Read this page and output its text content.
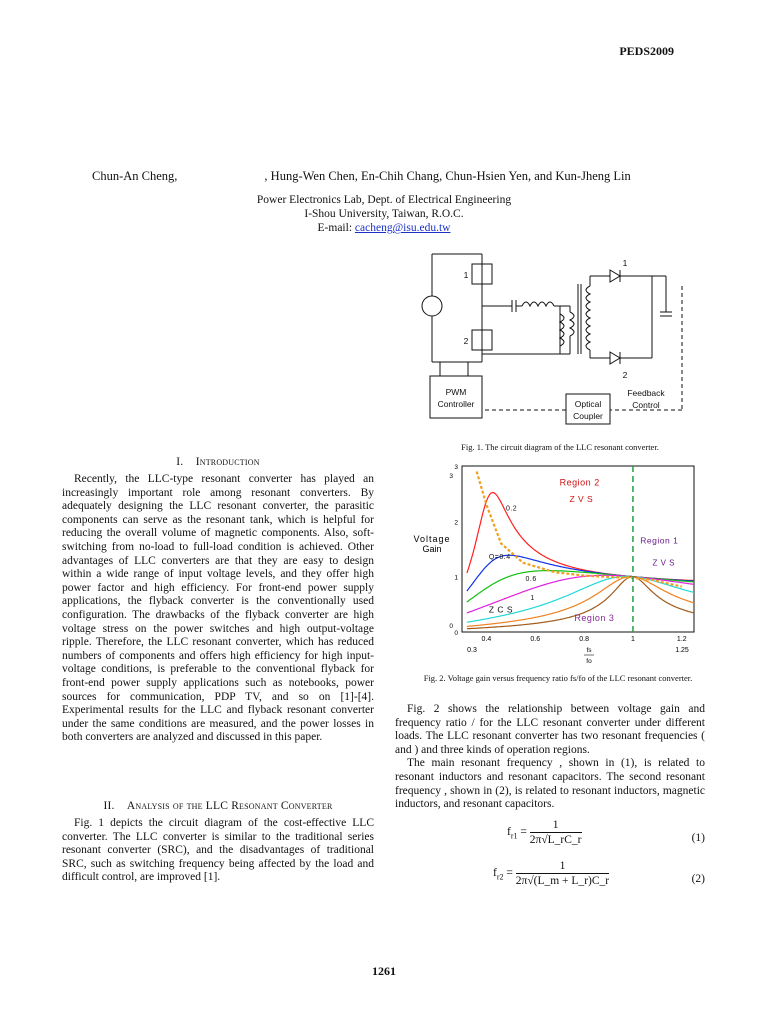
PEDS2009
Chun-An Cheng,	, Hung-Wen Chen, En-Chih Chang, Chun-Hsien Yen, and Kun-Jheng Lin
Power Electronics Lab, Dept. of Electrical Engineering
I-Shou University, Taiwan, R.O.C.
E-mail: cacheng@isu.edu.tw
PWM
Controller	Optical
Coupler
Feedback
Control
1
2
1
2
Fig. 1. The circuit diagram of the LLC resonant converter.
I. Introduction

Recently, the LLC-type resonant converter has played an increasingly important role among resonant converters. By adequately designing the LLC resonant converter, the parasitic components can serve as the resonant tank, which is helpful for reducing the overall volume of magnetic components. Also, soft-switching from no-load to full-load condition is achieved. Other advantages of LLC converters are that they are easy to design within a wide range of input voltage levels, and they offer high power factor and high efficiency. For front-end power supply applications, the flyback converter is the conventionally used configuration. The drawbacks of the flyback converter are high voltage stress on the power switches and high output-voltage ripple. Therefore, the LLC resonant converter, which has reduced numbers of components and offers high efficiency for high input-voltage conditions, is preferable to the conventional flyback for front-end power supply applications such as notebooks, power sources for communication, PDP TV, and so on [1]-[4]. Experimental results for the LLC and flyback resonant converter under the same conditions are measured, and the power losses in both converters are analyzed and discussed in this paper.

II. Analysis of the LLC Resonant Converter

Fig. 1 depicts the circuit diagram of the cost-effective LLC converter. The LLC converter is similar to the traditional series resonant converter (SRC), and the disadvantages of traditional SRC, such as switching frequency being affected by the load and difficult control, are improved [1].

Voltage
Gain
0.4	0.6	0.8	1	1.2
0.3	1.25
fs
fo
0
1
2
3
3
0
Region 2
Z V S
Region 1
Z V S
Region 3
Z C S
0.2
Q=0.4
0.6
1
Fig. 2. Voltage gain versus frequency ratio fs/fo of the LLC resonant converter.

Fig. 2 shows the relationship between voltage gain and frequency ratio / for the LLC resonant converter under different loads. The LLC resonant converter has two resonant frequencies ( and ) and three kinds of operation regions.

The main resonant frequency , shown in (1), is related to resonant inductors and resonant capacitors. The second resonant frequency , shown in (2), is related to resonant inductors, magnetic inductors, and resonant capacitors.

$f_{r1} = \frac{1}{2\pi√L\_rC\_r}$	(1)
$f_{r2} = \frac{1}{2\pi√(L\_m + L\_r)C\_r}$	(2)
1261
